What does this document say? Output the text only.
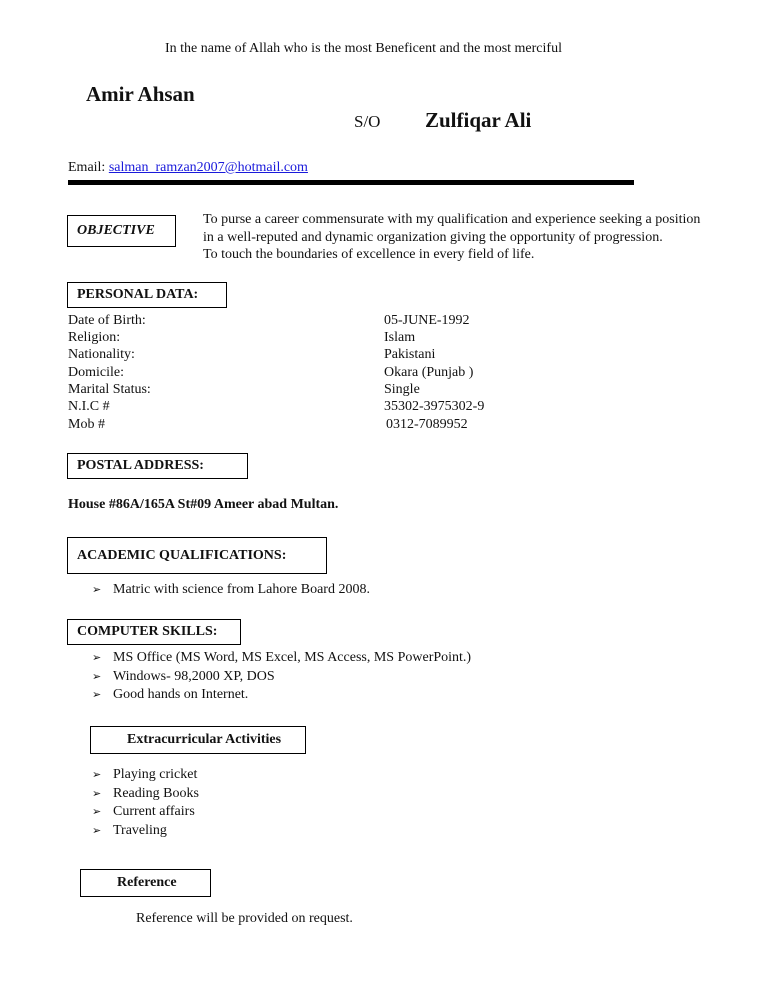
In the name of Allah who is the most Beneficent and the most merciful
Amir Ahsan
S/O Zulfiqar Ali
Email: salman_ramzan2007@hotmail.com
OBJECTIVE
To purse a career commensurate with my qualification and experience seeking a position
in a well-reputed and dynamic organization giving the opportunity of progression.
To touch the boundaries of excellence in every field of life.
PERSONAL DATA:
Date of Birth:	05-JUNE-1992
Religion:	Islam
Nationality:	Pakistani
Domicile:	Okara (Punjab )
Marital Status:	Single
N.I.C #	35302-3975302-9
Mob #	0312-7089952
POSTAL ADDRESS:
House #86A/165A St#09 Ameer abad Multan.
ACADEMIC QUALIFICATIONS:
➢ Matric with science from Lahore Board 2008.
COMPUTER SKILLS:
➢ MS Office (MS Word, MS Excel, MS Access, MS PowerPoint.)
➢ Windows- 98,2000 XP, DOS
➢ Good hands on Internet.
Extracurricular Activities
➢ Playing cricket
➢ Reading Books
➢ Current affairs
➢ Traveling
Reference
Reference will be provided on request.
